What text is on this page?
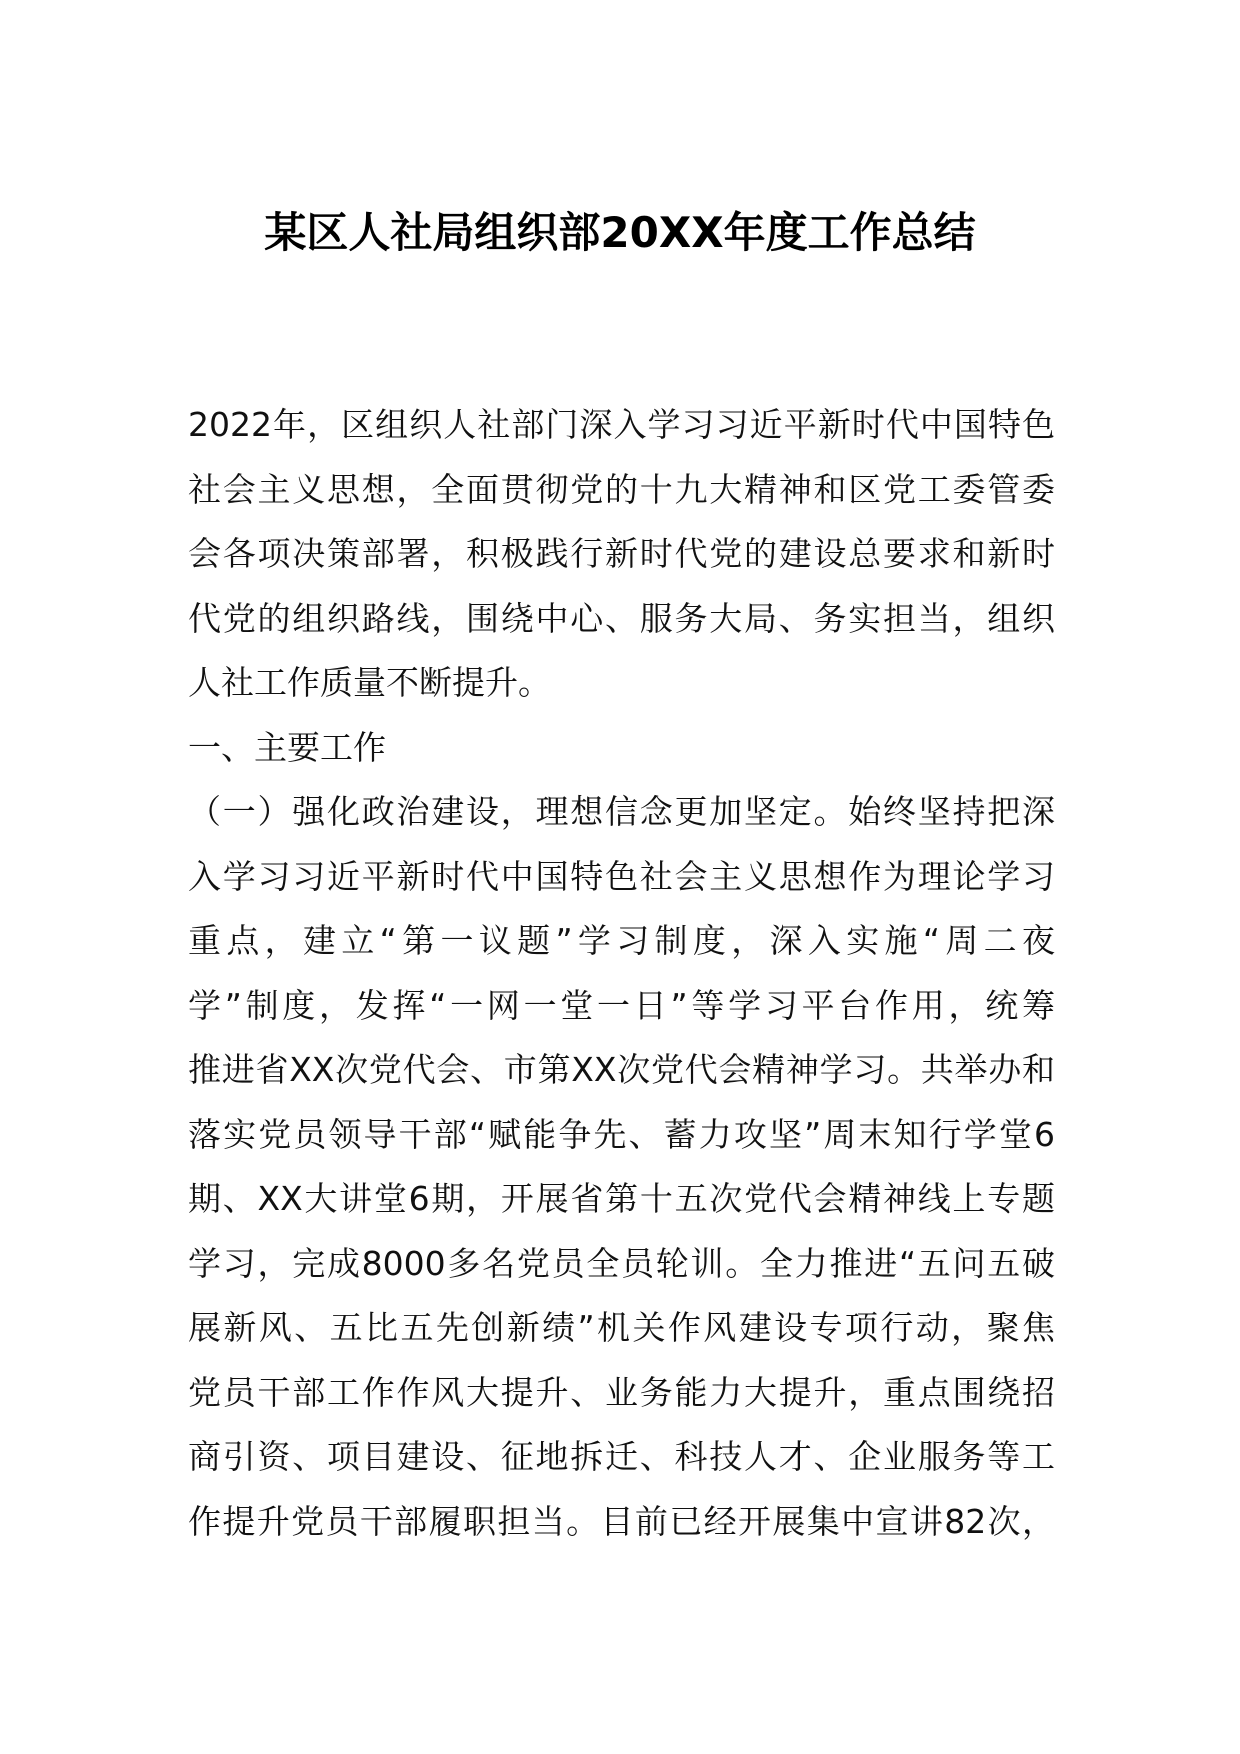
某区人社局组织部20XX年度工作总结
2022年，区组织人社部门深入学习习近平新时代中国特色
社会主义思想，全面贯彻党的十九大精神和区党工委管委
会各项决策部署，积极践行新时代党的建设总要求和新时
代党的组织路线，围绕中心、服务大局、务实担当，组织
人社工作质量不断提升。
一、主要工作
（一）强化政治建设，理想信念更加坚定。始终坚持把深
入学习习近平新时代中国特色社会主义思想作为理论学习
重点，建立“第一议题”学习制度，深入实施“周二夜
学”制度，发挥“一网一堂一日”等学习平台作用，统筹
推进省XX次党代会、市第XX次党代会精神学习。共举办和
落实党员领导干部“赋能争先、蓄力攻坚”周末知行学堂6
期、XX大讲堂6期，开展省第十五次党代会精神线上专题
学习，完成8000多名党员全员轮训。全力推进“五问五破
展新风、五比五先创新绩”机关作风建设专项行动，聚焦
党员干部工作作风大提升、业务能力大提升，重点围绕招
商引资、项目建设、征地拆迁、科技人才、企业服务等工
作提升党员干部履职担当。目前已经开展集中宣讲82次，
